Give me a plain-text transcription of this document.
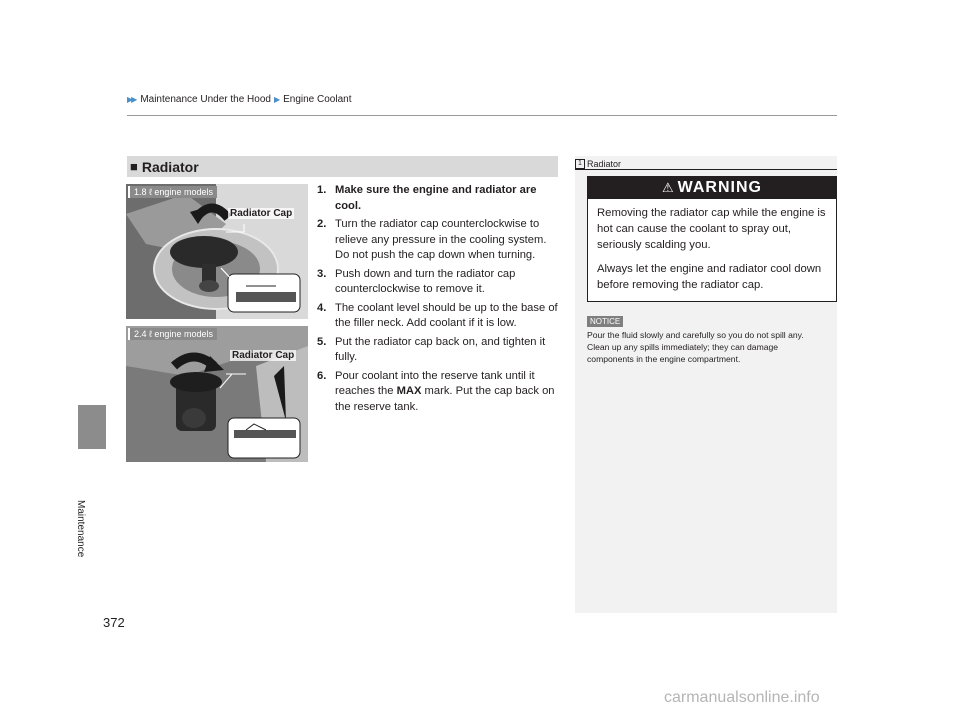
▶▶ Maintenance Under the Hood ▶ Engine Coolant
Maintenance
372
■ Radiator
1.8 ℓ engine models
Radiator Cap
2.4 ℓ engine models
Radiator Cap
1. Make sure the engine and radiator are cool.
2. Turn the radiator cap counterclockwise to relieve any pressure in the cooling system. Do not push the cap down when turning.
3. Push down and turn the radiator cap counterclockwise to remove it.
4. The coolant level should be up to the base of the filler neck. Add coolant if it is low.
5. Put the radiator cap back on, and tighten it fully.
6. Pour coolant into the reserve tank until it reaches the MAX mark. Put the cap back on the reserve tank.
1 Radiator
⚠ WARNING
Removing the radiator cap while the engine is hot can cause the coolant to spray out, seriously scalding you.
Always let the engine and radiator cool down before removing the radiator cap.
NOTICE
Pour the fluid slowly and carefully so you do not spill any. Clean up any spills immediately; they can damage components in the engine compartment.
carmanualsonline.info
